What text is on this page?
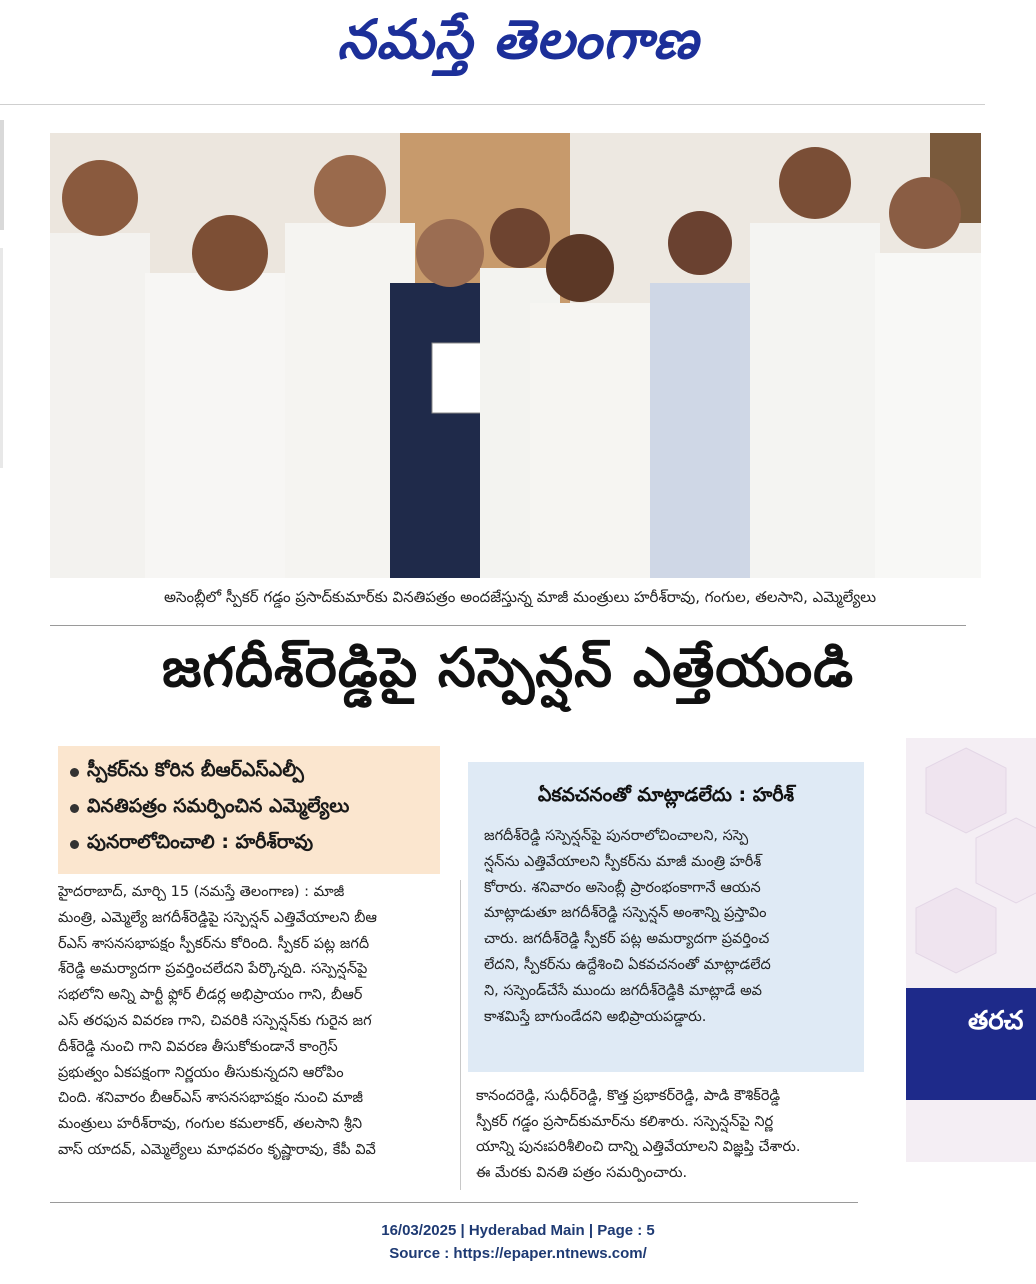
నమస్తే తెలంగాణ
అసెంబ్లీలో స్పీకర్ గడ్డం ప్రసాద్‌కుమార్‌కు వినతిపత్రం అందజేస్తున్న మాజీ మంత్రులు హరీశ్‌రావు, గంగుల, తలసాని, ఎమ్మెల్యేలు
జగదీశ్‌రెడ్డిపై సస్పెన్షన్ ఎత్తేయండి
స్పీకర్‌ను కోరిన బీఆర్‌ఎస్‌ఎల్పీ
వినతిపత్రం సమర్పించిన ఎమ్మెల్యేలు
పునరాలోచించాలి : హరీశ్‌రావు

హైదరాబాద్, మార్చి 15 (నమస్తే తెలంగాణ) : మాజీ

మంత్రి, ఎమ్మెల్యే జగదీశ్‌రెడ్డిపై సస్పెన్షన్ ఎత్తివేయాలని బీఆ

ర్‌ఎస్ శాసనసభాపక్షం స్పీకర్‌ను కోరింది. స్పీకర్ పట్ల జగదీ

శ్‌రెడ్డి అమర్యాదగా ప్రవర్తించలేదని పేర్కొన్నది. సస్పెన్షన్‌పై

సభలోని అన్ని పార్టీ ఫ్లోర్ లీడర్ల అభిప్రాయం గాని, బీఆర్

ఎస్ తరఫున వివరణ గాని, చివరికి సస్పెన్షన్‌కు గురైన జగ

దీశ్‌రెడ్డి నుంచి గాని వివరణ తీసుకోకుండానే కాంగ్రెస్

ప్రభుత్వం ఏకపక్షంగా నిర్ణయం తీసుకున్నదని ఆరోపిం

చింది. శనివారం బీఆర్‌ఎస్ శాసనసభాపక్షం నుంచి మాజీ

మంత్రులు హరీశ్‌రావు, గంగుల కమలాకర్, తలసాని శ్రీని

వాస్ యాదవ్, ఎమ్మెల్యేలు మాధవరం కృష్ణారావు, కేపీ వివే

ఏకవచనంతో మాట్లాడలేదు : హరీశ్

జగదీశ్‌రెడ్డి సస్పెన్షన్‌పై పునరాలోచించాలని, సస్పె

న్షన్‌ను ఎత్తివేయాలని స్పీకర్‌ను మాజీ మంత్రి హరీశ్

కోరారు. శనివారం అసెంబ్లీ ప్రారంభంకాగానే ఆయన

మాట్లాడుతూ జగదీశ్‌రెడ్డి సస్పెన్షన్ అంశాన్ని ప్రస్తావిం

చారు. జగదీశ్‌రెడ్డి స్పీకర్ పట్ల అమర్యాదగా ప్రవర్తించ

లేదని, స్పీకర్‌ను ఉద్దేశించి ఏకవచనంతో మాట్లాడలేద

ని, సస్పెండ్‌చేసే ముందు జగదీశ్‌రెడ్డికి మాట్లాడే అవ

కాశమిస్తే బాగుండేదని అభిప్రాయపడ్డారు.

కానందరెడ్డి, సుధీర్‌రెడ్డి, కొత్త ప్రభాకర్‌రెడ్డి, పాడి కౌశిక్‌రెడ్డి

స్పీకర్ గడ్డం ప్రసాద్‌కుమార్‌ను కలిశారు. సస్పెన్షన్‌పై నిర్ణ

యాన్ని పునఃపరిశీలించి దాన్ని ఎత్తివేయాలని విజ్ఞప్తి చేశారు.

ఈ మేరకు వినతి పత్రం సమర్పించారు.

తరచ
16/03/2025 | Hyderabad Main | Page : 5
Source : https://epaper.ntnews.com/
